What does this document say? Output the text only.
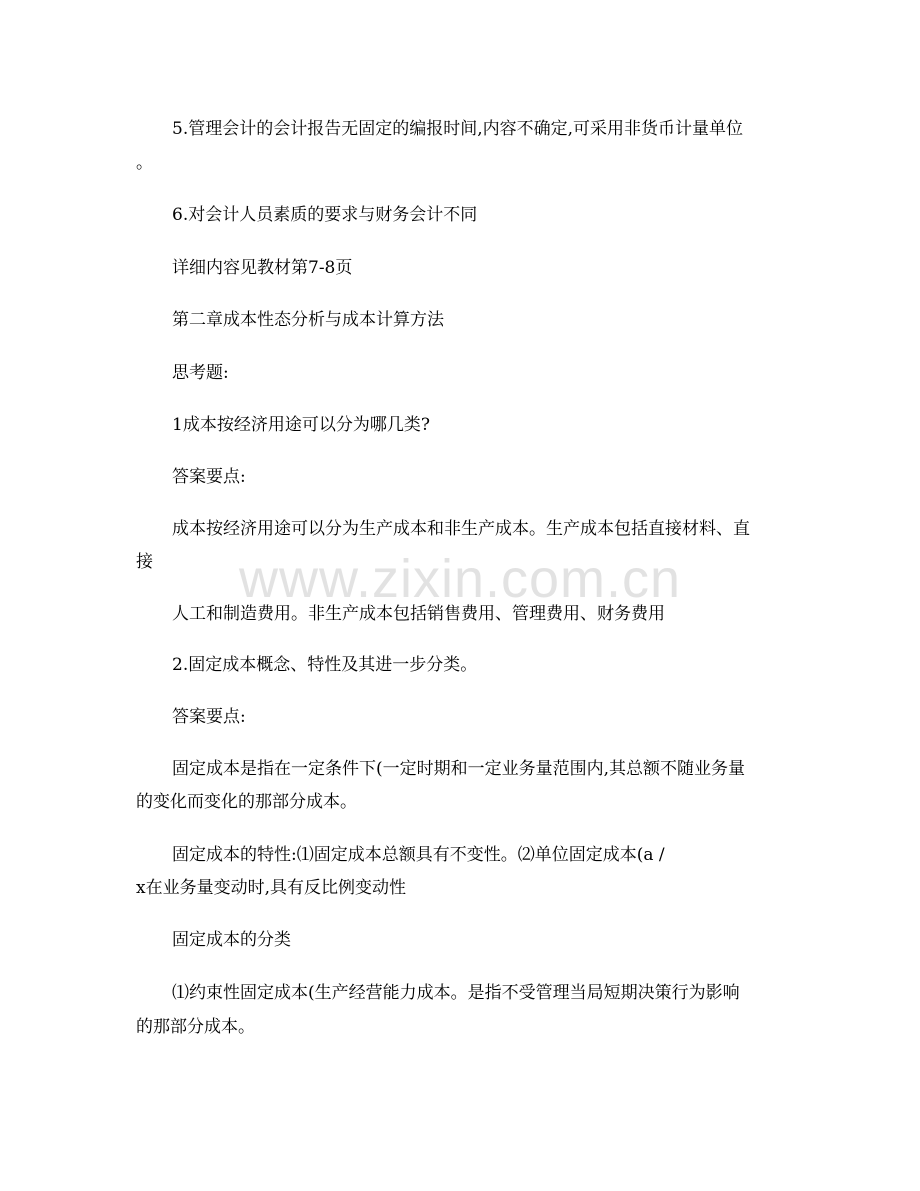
5.管理会计的会计报告无固定的编报时间,内容不确定,可采用非货币计量单位
。
6.对会计人员素质的要求与财务会计不同
详细内容见教材第7-8页
第二章成本性态分析与成本计算方法
思考题:
1成本按经济用途可以分为哪几类?
答案要点:
成本按经济用途可以分为生产成本和非生产成本。生产成本包括直接材料、直
接
人工和制造费用。非生产成本包括销售费用、管理费用、财务费用
2.固定成本概念、特性及其进一步分类。
答案要点:
固定成本是指在一定条件下(一定时期和一定业务量范围内,其总额不随业务量
的变化而变化的那部分成本。
固定成本的特性:⑴固定成本总额具有不变性。⑵单位固定成本(a /
x在业务量变动时,具有反比例变动性
固定成本的分类
⑴约束性固定成本(生产经营能力成本。是指不受管理当局短期决策行为影响
的那部分成本。
www.zixin.com.cn
